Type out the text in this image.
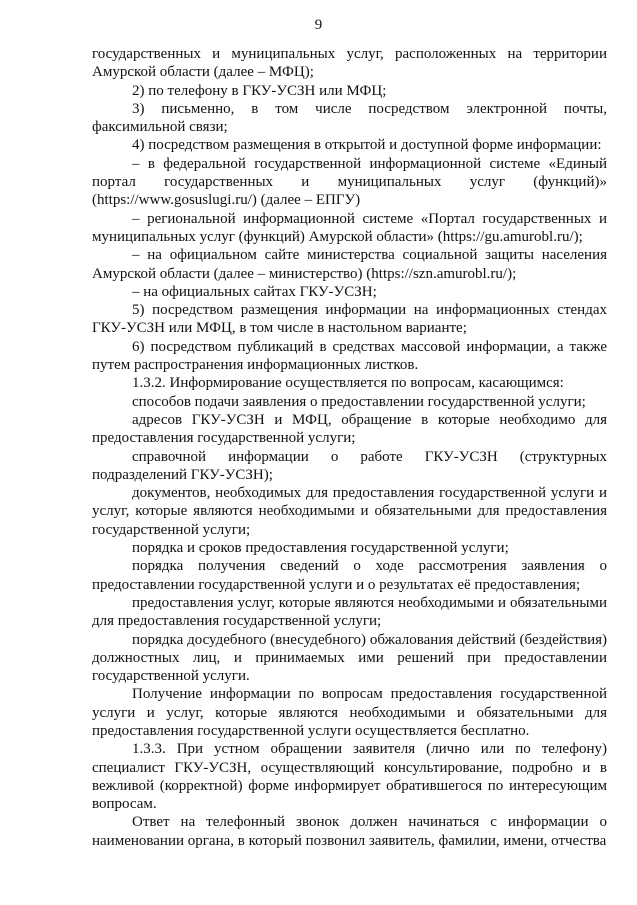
9

государственных и муниципальных услуг, расположенных на территории Амурской области (далее – МФЦ);

2) по телефону в ГКУ-УСЗН или МФЦ;

3) письменно, в том числе посредством электронной почты, факсимильной связи;

4) посредством размещения в открытой и доступной форме информации:

– в федеральной государственной информационной системе «Единый портал государственных и муниципальных услуг (функций)» (https://www.gosuslugi.ru/) (далее – ЕПГУ)

– региональной информационной системе «Портал государственных и муниципальных услуг (функций) Амурской области» (https://gu.amurobl.ru/);

– на официальном сайте министерства социальной защиты населения Амурской области (далее – министерство) (https://szn.amurobl.ru/);

– на официальных сайтах ГКУ-УСЗН;

5) посредством размещения информации на информационных стендах ГКУ-УСЗН или МФЦ, в том числе в настольном варианте;

6) посредством публикаций в средствах массовой информации, а также путем распространения информационных листков.

1.3.2. Информирование осуществляется по вопросам, касающимся:

способов подачи заявления о предоставлении государственной услуги;

адресов ГКУ-УСЗН и МФЦ, обращение в которые необходимо для предоставления государственной услуги;

справочной информации о работе ГКУ-УСЗН (структурных подразделений ГКУ-УСЗН);

документов, необходимых для предоставления государственной услуги и услуг, которые являются необходимыми и обязательными для предоставления государственной услуги;

порядка и сроков предоставления государственной услуги;

порядка получения сведений о ходе рассмотрения заявления о предоставлении государственной услуги и о результатах её предоставления;

предоставления услуг, которые являются необходимыми и обязательными для предоставления государственной услуги;

порядка досудебного (внесудебного) обжалования действий (бездействия) должностных лиц, и принимаемых ими решений при предоставлении государственной услуги.

Получение информации по вопросам предоставления государственной услуги и услуг, которые являются необходимыми и обязательными для предоставления государственной услуги осуществляется бесплатно.

1.3.3. При устном обращении заявителя (лично или по телефону) специалист ГКУ-УСЗН, осуществляющий консультирование, подробно и в вежливой (корректной) форме информирует обратившегося по интересующим вопросам.

Ответ на телефонный звонок должен начинаться с информации о наименовании органа, в который позвонил заявитель, фамилии, имени, отчества
